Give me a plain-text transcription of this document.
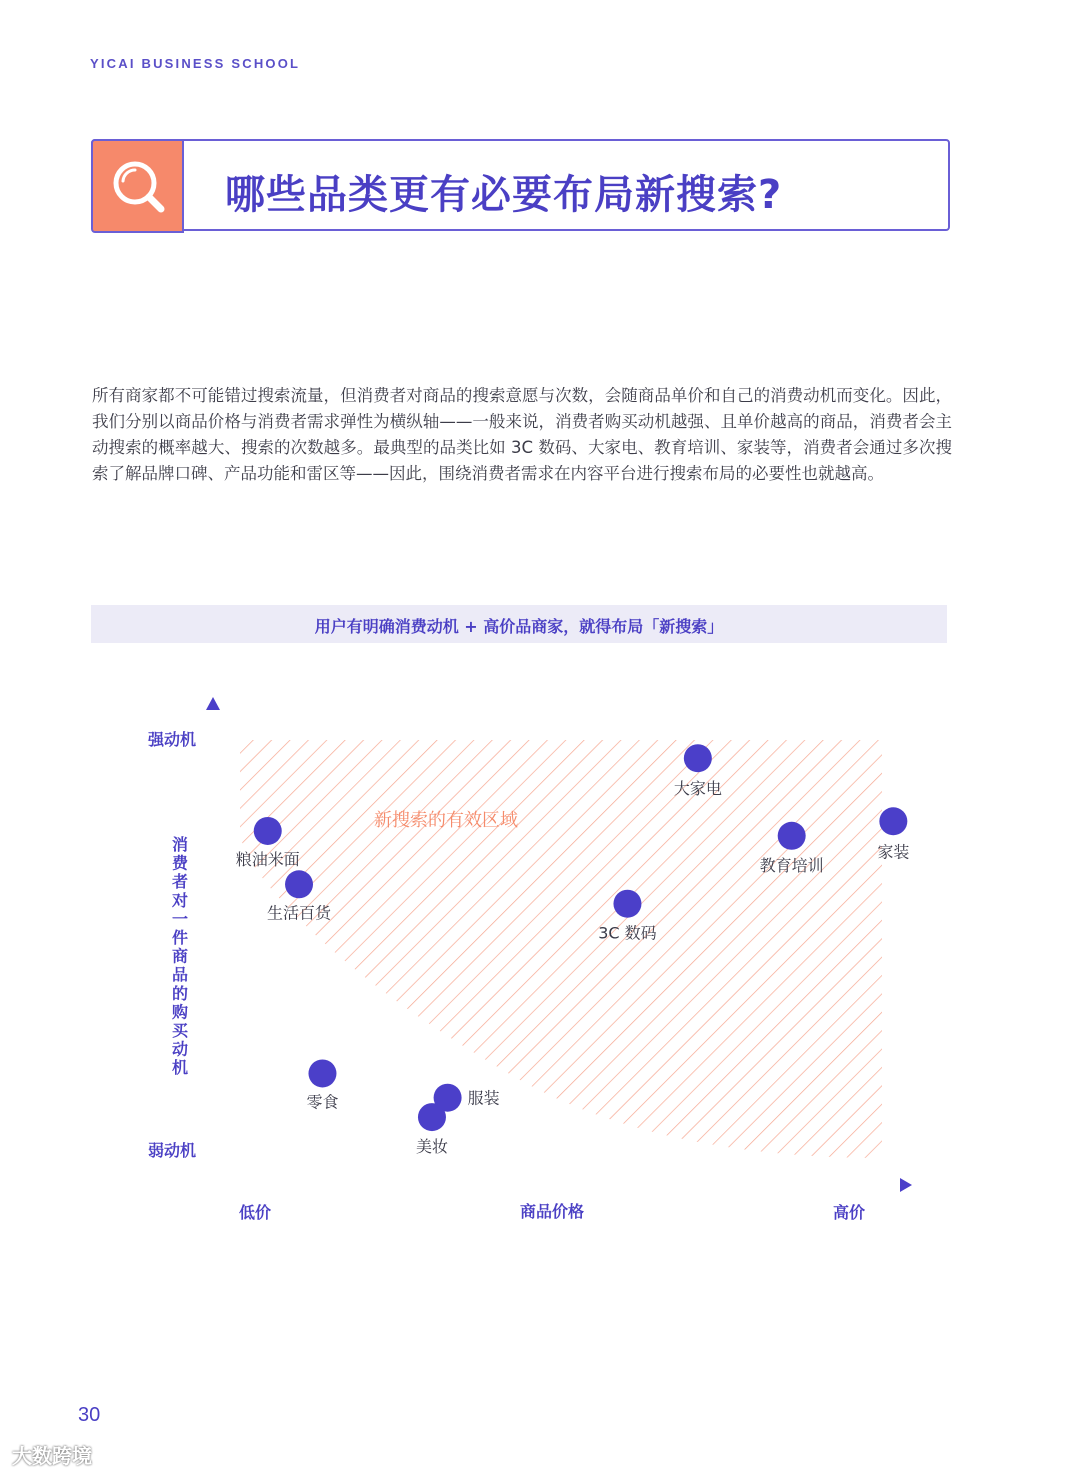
YICAI BUSINESS SCHOOL
哪些品类更有必要布局新搜索?
所有商家都不可能错过搜索流量，但消费者对商品的搜索意愿与次数，会随商品单价和自己的消费动机而变化。因此，我们分别以商品价格与消费者需求弹性为横纵轴——一般来说，消费者购买动机越强、且单价越高的商品，消费者会主动搜索的概率越大、搜索的次数越多。最典型的品类比如 3C 数码、大家电、教育培训、家装等，消费者会通过多次搜索了解品牌口碑、产品功能和雷区等——因此，围绕消费者需求在内容平台进行搜索布局的必要性也就越高。
用户有明确消费动机 + 高价品商家，就得布局「新搜索」
新搜索的有效区域
强动机
弱动机
低价	商品价格	高价
消
费
者
对
一
件
商
品
的
购
买
动
机
粮油米面
生活百货
零食	服装
美妆
3C 数码
大家电
教育培训
家装
30
大数跨境
